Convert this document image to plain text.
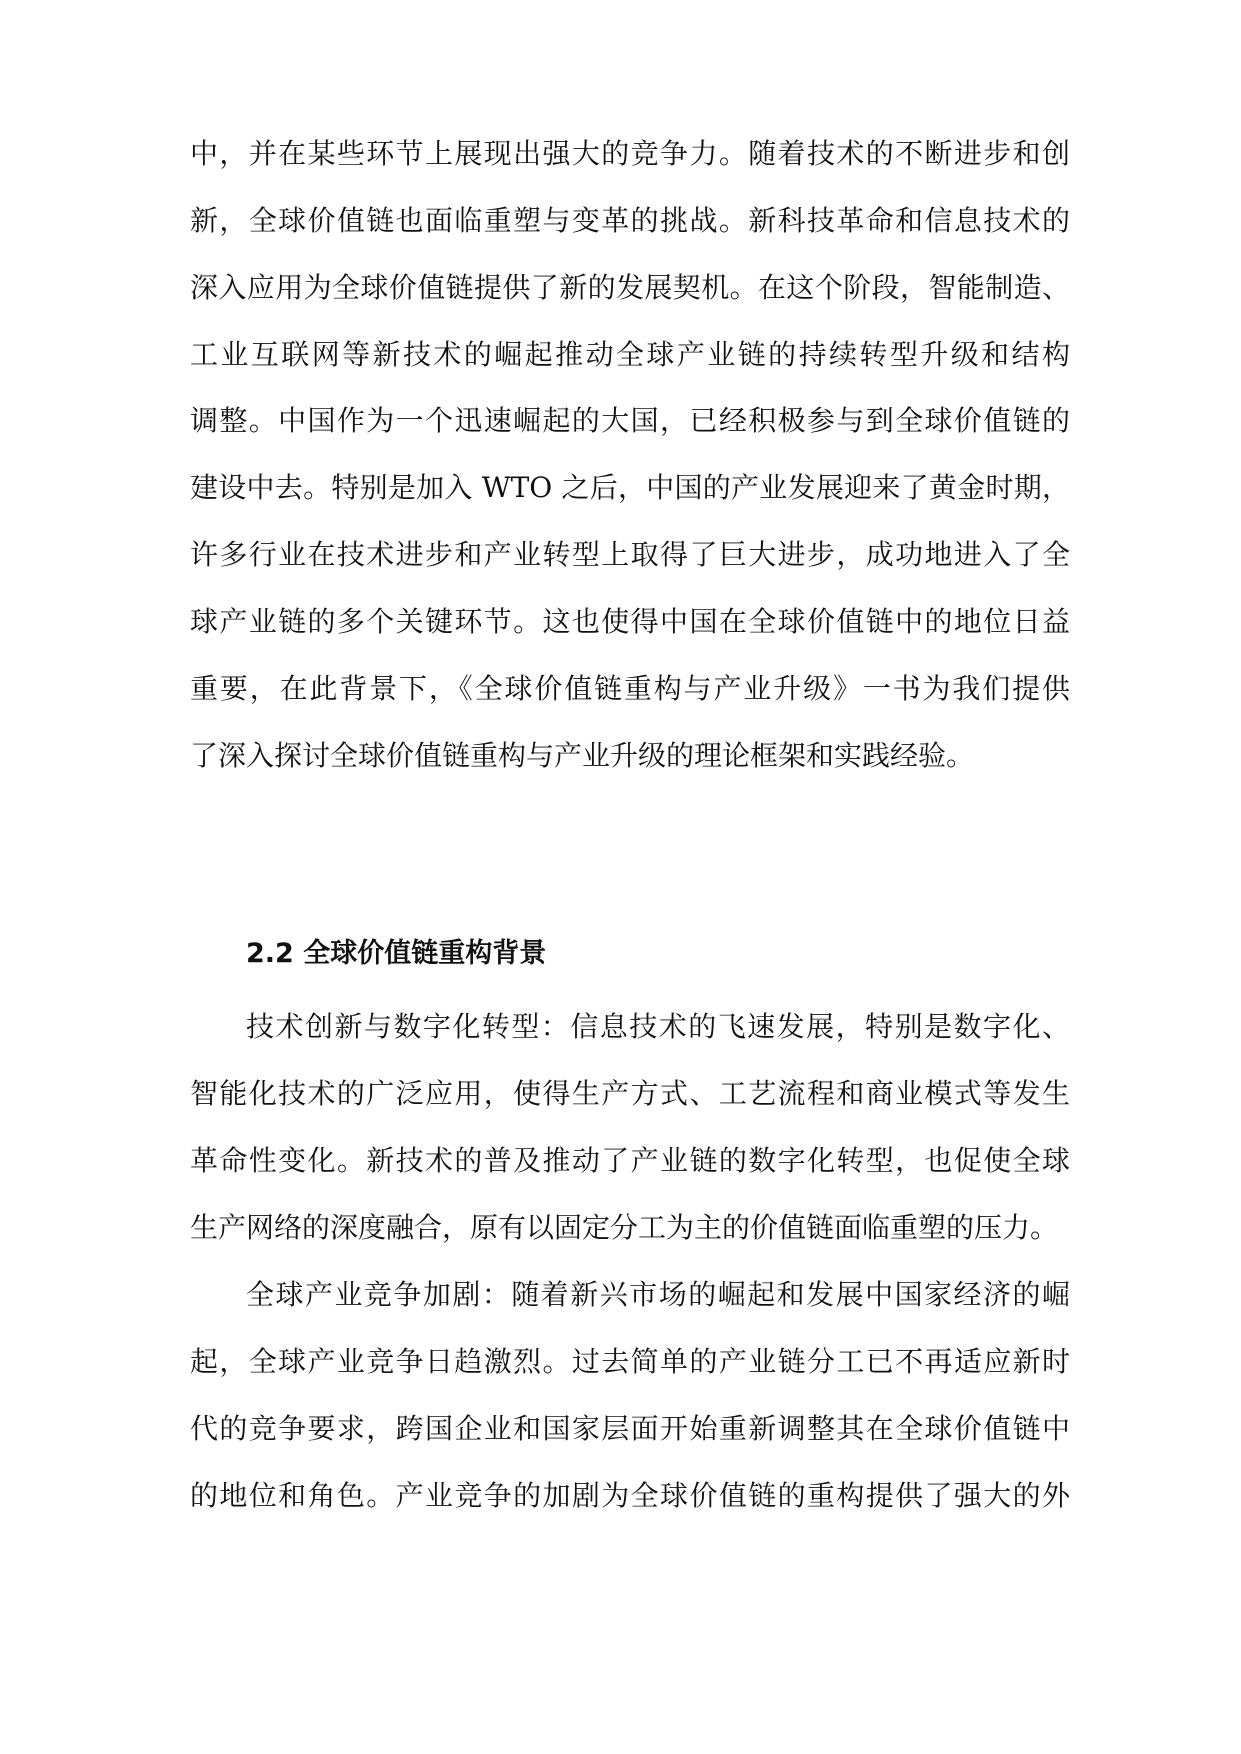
中，并在某些环节上展现出强大的竞争力。随着技术的不断进步和创

新，全球价值链也面临重塑与变革的挑战。新科技革命和信息技术的

深入应用为全球价值链提供了新的发展契机。在这个阶段，智能制造、

工业互联网等新技术的崛起推动全球产业链的持续转型升级和结构

调整。中国作为一个迅速崛起的大国，已经积极参与到全球价值链的

建设中去。特别是加入 WTO 之后，中国的产业发展迎来了黄金时期，

许多行业在技术进步和产业转型上取得了巨大进步，成功地进入了全

球产业链的多个关键环节。这也使得中国在全球价值链中的地位日益

重要，在此背景下，《全球价值链重构与产业升级》一书为我们提供

了深入探讨全球价值链重构与产业升级的理论框架和实践经验。

2.2 全球价值链重构背景

技术创新与数字化转型：信息技术的飞速发展，特别是数字化、

智能化技术的广泛应用，使得生产方式、工艺流程和商业模式等发生

革命性变化。新技术的普及推动了产业链的数字化转型，也促使全球

生产网络的深度融合，原有以固定分工为主的价值链面临重塑的压力。

全球产业竞争加剧：随着新兴市场的崛起和发展中国家经济的崛

起，全球产业竞争日趋激烈。过去简单的产业链分工已不再适应新时

代的竞争要求，跨国企业和国家层面开始重新调整其在全球价值链中

的地位和角色。产业竞争的加剧为全球价值链的重构提供了强大的外
